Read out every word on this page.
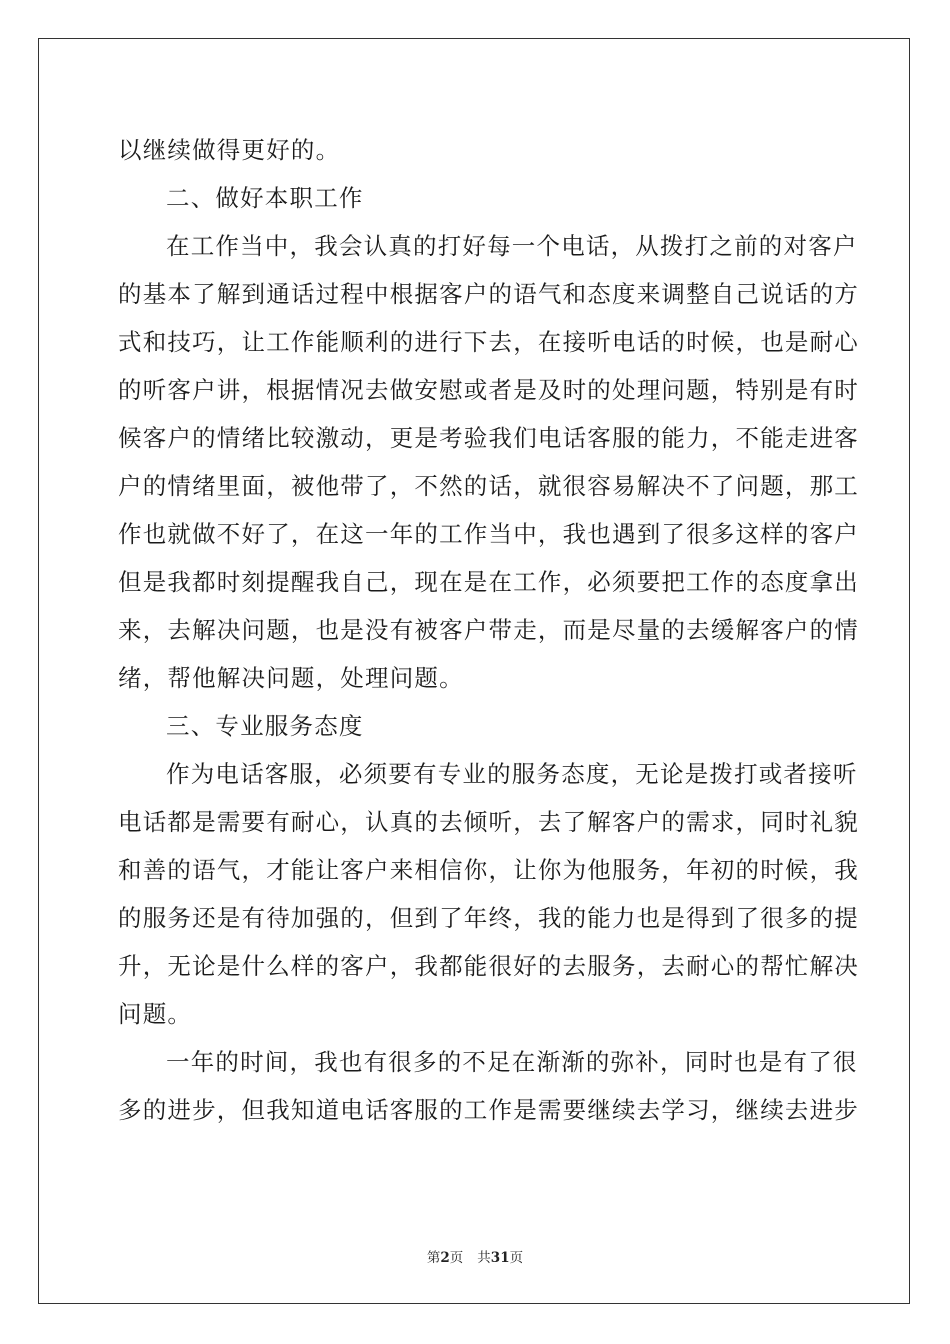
以继续做得更好的。

二、做好本职工作

在工作当中，我会认真的打好每一个电话，从拨打之前的对客户

的基本了解到通话过程中根据客户的语气和态度来调整自己说话的方

式和技巧，让工作能顺利的进行下去，在接听电话的时候，也是耐心

的听客户讲，根据情况去做安慰或者是及时的处理问题，特别是有时

候客户的情绪比较激动，更是考验我们电话客服的能力，不能走进客

户的情绪里面，被他带了，不然的话，就很容易解决不了问题，那工

作也就做不好了，在这一年的工作当中，我也遇到了很多这样的客户

但是我都时刻提醒我自己，现在是在工作，必须要把工作的态度拿出

来，去解决问题，也是没有被客户带走，而是尽量的去缓解客户的情

绪，帮他解决问题，处理问题。

三、专业服务态度

作为电话客服，必须要有专业的服务态度，无论是拨打或者接听

电话都是需要有耐心，认真的去倾听，去了解客户的需求，同时礼貌

和善的语气，才能让客户来相信你，让你为他服务，年初的时候，我

的服务还是有待加强的，但到了年终，我的能力也是得到了很多的提

升，无论是什么样的客户，我都能很好的去服务，去耐心的帮忙解决

问题。

一年的时间，我也有很多的不足在渐渐的弥补，同时也是有了很

多的进步，但我知道电话客服的工作是需要继续去学习，继续去进步

第2页 共31页
